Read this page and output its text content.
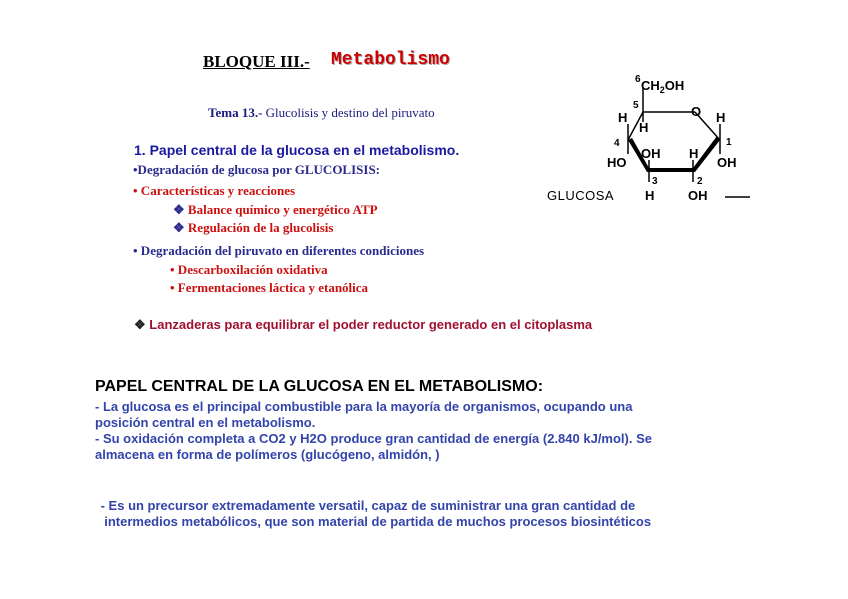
BLOQUE III.- Metabolismo
Tema 13.- Glucolisis y destino del piruvato
1. Papel central de la glucosa en el metabolismo.
•Degradación de glucosa por GLUCOLISIS:
• Características y reacciones
❖ Balance químico y energético ATP
❖ Regulación de la glucolisis
• Degradación del piruvato en diferentes condiciones
• Descarboxilación oxidativa
• Fermentaciones láctica y etanólica
❖ Lanzaderas para equilibrar el poder reductor generado en el citoplasma
GLUCOSA
6 $CH_2OH$
5	O
H
H	H
4	1
HO
OH H
OH
3	2
H	OH
PAPEL CENTRAL DE LA GLUCOSA EN EL METABOLISMO:
- La glucosa es el principal combustible para la mayoría de organismos, ocupando una
posición central en el metabolismo.
- Su oxidación completa a CO2 y H2O produce gran cantidad de energía (2.840 kJ/mol). Se
almacena en forma de polímeros (glucógeno, almidón, )
- Es un precursor extremadamente versatil, capaz de suministrar una gran cantidad de
intermedios metabólicos, que son material de partida de muchos procesos biosintéticos
